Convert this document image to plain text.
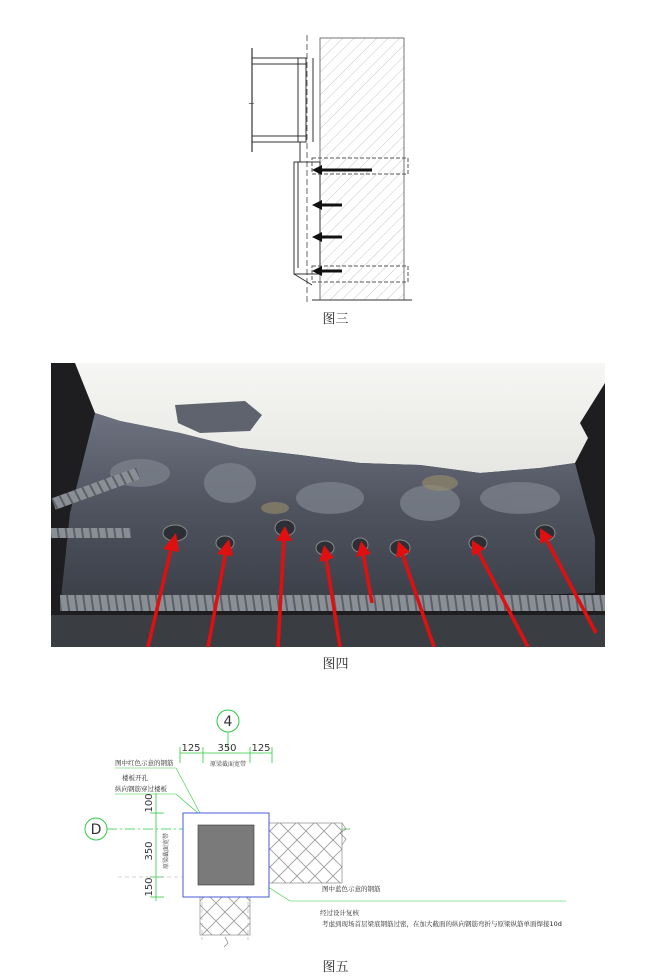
~
图三
图四
4
125 350 125
原梁截面宽带
图中红色示意的钢筋
楼板开孔
纵向钢筋穿过楼板
D
100
350
150
原梁截面宽带
图中蓝色示意的钢筋
经过设计复核
考虑到现场首层梁底钢筋过密，在加大截面的纵向钢筋弯折与原梁纵筋单面焊接10d
图五
